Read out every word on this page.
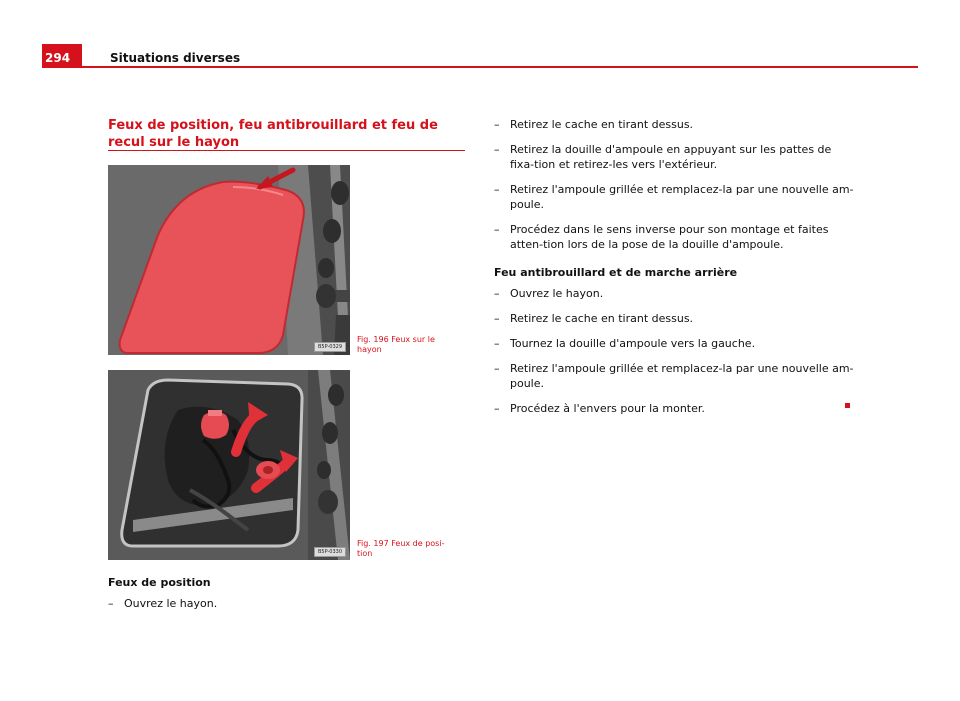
294	Situations diverses
Feux de position, feu antibrouillard et feu de recul sur le hayon
B5P-0329
Fig. 196 Feux sur le hayon
B5P-0330
Fig. 197 Feux de posi-tion
Feux de position
– Ouvrez le hayon.
– Retirez le cache en tirant dessus.
– Retirez la douille d'ampoule en appuyant sur les pattes de fixa-tion et retirez-les vers l'extérieur.
– Retirez l'ampoule grillée et remplacez-la par une nouvelle am-poule.
– Procédez dans le sens inverse pour son montage et faites atten-tion lors de la pose de la douille d'ampoule.
Feu antibrouillard et de marche arrière
– Ouvrez le hayon.
– Retirez le cache en tirant dessus.
– Tournez la douille d'ampoule vers la gauche.
– Retirez l'ampoule grillée et remplacez-la par une nouvelle am-poule.
– Procédez à l'envers pour la monter.
